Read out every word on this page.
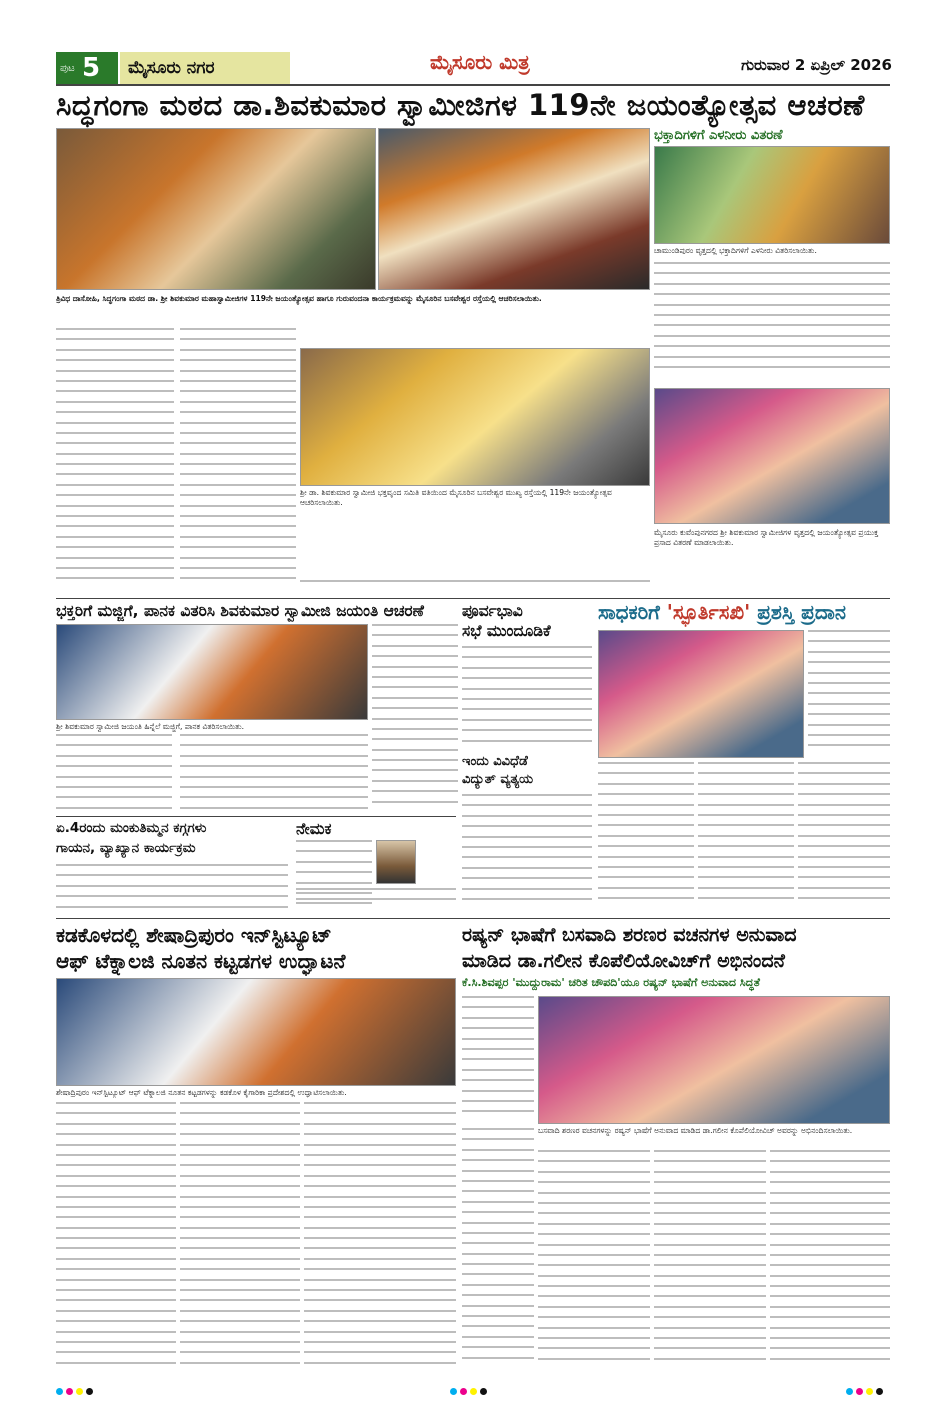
ಪುಟ 5	ಮೈಸೂರು ನಗರ	ಮೈಸೂರು ಮಿತ್ರ	ಗುರುವಾರ 2 ಏಪ್ರಿಲ್ 2026
ಸಿದ್ಧಗಂಗಾ ಮಠದ ಡಾ.ಶಿವಕುಮಾರ ಸ್ವಾಮೀಜಿಗಳ 119ನೇ ಜಯಂತ್ಯೋತ್ಸವ ಆಚರಣೆ
ಭಕ್ತಾದಿಗಳಿಗೆ ಎಳನೀರು ವಿತರಣೆ
ಚಾಮುಂಡಿಪುರಂ ವೃತ್ತದಲ್ಲಿ ಭಕ್ತಾದಿಗಳಿಗೆ ಎಳನೀರು ವಿತರಿಸಲಾಯಿತು.
ತ್ರಿವಿಧ ದಾಸೋಹಿ, ಸಿದ್ಧಗಂಗಾ ಮಠದ ಡಾ. ಶ್ರೀ ಶಿವಕುಮಾರ ಮಹಾಸ್ವಾಮೀಜಿಗಳ 119ನೇ ಜಯಂತ್ಯೋತ್ಸವ ಹಾಗೂ ಗುರುವಂದನಾ ಕಾರ್ಯಕ್ರಮವನ್ನು ಮೈಸೂರಿನ ಬಸವೇಶ್ವರ ರಸ್ತೆಯಲ್ಲಿ ಆಚರಿಸಲಾಯಿತು.
ಶ್ರೀ ಡಾ. ಶಿವಕುಮಾರ ಸ್ವಾಮೀಜಿ ಭಕ್ತವೃಂದ ಸಮಿತಿ ವತಿಯಿಂದ ಮೈಸೂರಿನ ಬಸವೇಶ್ವರ ಮುಖ್ಯ ರಸ್ತೆಯಲ್ಲಿ 119ನೇ ಜಯಂತ್ಯೋತ್ಸವ ಆಚರಿಸಲಾಯಿತು.
ಮೈಸೂರು ಕುವೆಂಪುನಗರದ ಶ್ರೀ ಶಿವಕುಮಾರ ಸ್ವಾಮೀಜಿಗಳ ವೃತ್ತದಲ್ಲಿ ಜಯಂತ್ಯೋತ್ಸವ ಪ್ರಯುಕ್ತ ಪ್ರಸಾದ ವಿತರಣೆ ಮಾಡಲಾಯಿತು.
ಭಕ್ತರಿಗೆ ಮಜ್ಜಿಗೆ, ಪಾನಕ ವಿತರಿಸಿ ಶಿವಕುಮಾರ ಸ್ವಾಮೀಜಿ ಜಯಂತಿ ಆಚರಣೆ
ಶ್ರೀ ಶಿವಕುಮಾರ ಸ್ವಾಮೀಜಿ ಜಯಂತಿ ಹಿನ್ನೆಲೆ ಮಜ್ಜಿಗೆ, ಪಾನಕ ವಿತರಿಸಲಾಯಿತು.
ಪೂರ್ವಭಾವಿ
ಸಭೆ ಮುಂದೂಡಿಕೆ
ಇಂದು ವಿವಿಧೆಡೆ
ವಿದ್ಯುತ್ ವ್ಯತ್ಯಯ
ಸಾಧಕರಿಗೆ 'ಸ್ಫೂರ್ತಿಸಖಿ' ಪ್ರಶಸ್ತಿ ಪ್ರದಾನ
ಏ.4ರಂದು ಮಂಕುತಿಮ್ಮನ ಕಗ್ಗಗಳು
ಗಾಯನ, ವ್ಯಾಖ್ಯಾನ ಕಾರ್ಯಕ್ರಮ
ನೇಮಕ
ಕಡಕೊಳದಲ್ಲಿ ಶೇಷಾದ್ರಿಪುರಂ ಇನ್‌ಸ್ಟಿಟ್ಯೂಟ್
ಆಫ್ ಟೆಕ್ನಾಲಜಿ ನೂತನ ಕಟ್ಟಡಗಳ ಉದ್ಘಾಟನೆ
ಶೇಷಾದ್ರಿಪುರಂ ಇನ್‌ಸ್ಟಿಟ್ಯೂಟ್ ಆಫ್ ಟೆಕ್ನಾಲಜಿ ನೂತನ ಕಟ್ಟಡಗಳನ್ನು ಕಡಕೊಳ ಕೈಗಾರಿಕಾ ಪ್ರದೇಶದಲ್ಲಿ ಉದ್ಘಾಟಿಸಲಾಯಿತು.
ರಷ್ಯನ್ ಭಾಷೆಗೆ ಬಸವಾದಿ ಶರಣರ ವಚನಗಳ ಅನುವಾದ
ಮಾಡಿದ ಡಾ.ಗಲೀನ ಕೊಪೆಲಿಯೋವಿಚ್‌ಗೆ ಅಭಿನಂದನೆ
ಕೆ.ಸಿ.ಶಿವಪ್ಪರ 'ಮುದ್ದುರಾಮ' ಚರಿತ ಚೌಪದಿ'ಯೂ ರಷ್ಯನ್ ಭಾಷೆಗೆ ಅನುವಾದ ಸಿದ್ಧತೆ
ಬಸವಾದಿ ಶರಣರ ವಚನಗಳನ್ನು ರಷ್ಯನ್ ಭಾಷೆಗೆ ಅನುವಾದ ಮಾಡಿದ ಡಾ.ಗಲೀನ ಕೊಪೆಲಿಯೋವಿಚ್ ಅವರನ್ನು ಅಭಿನಂದಿಸಲಾಯಿತು.
